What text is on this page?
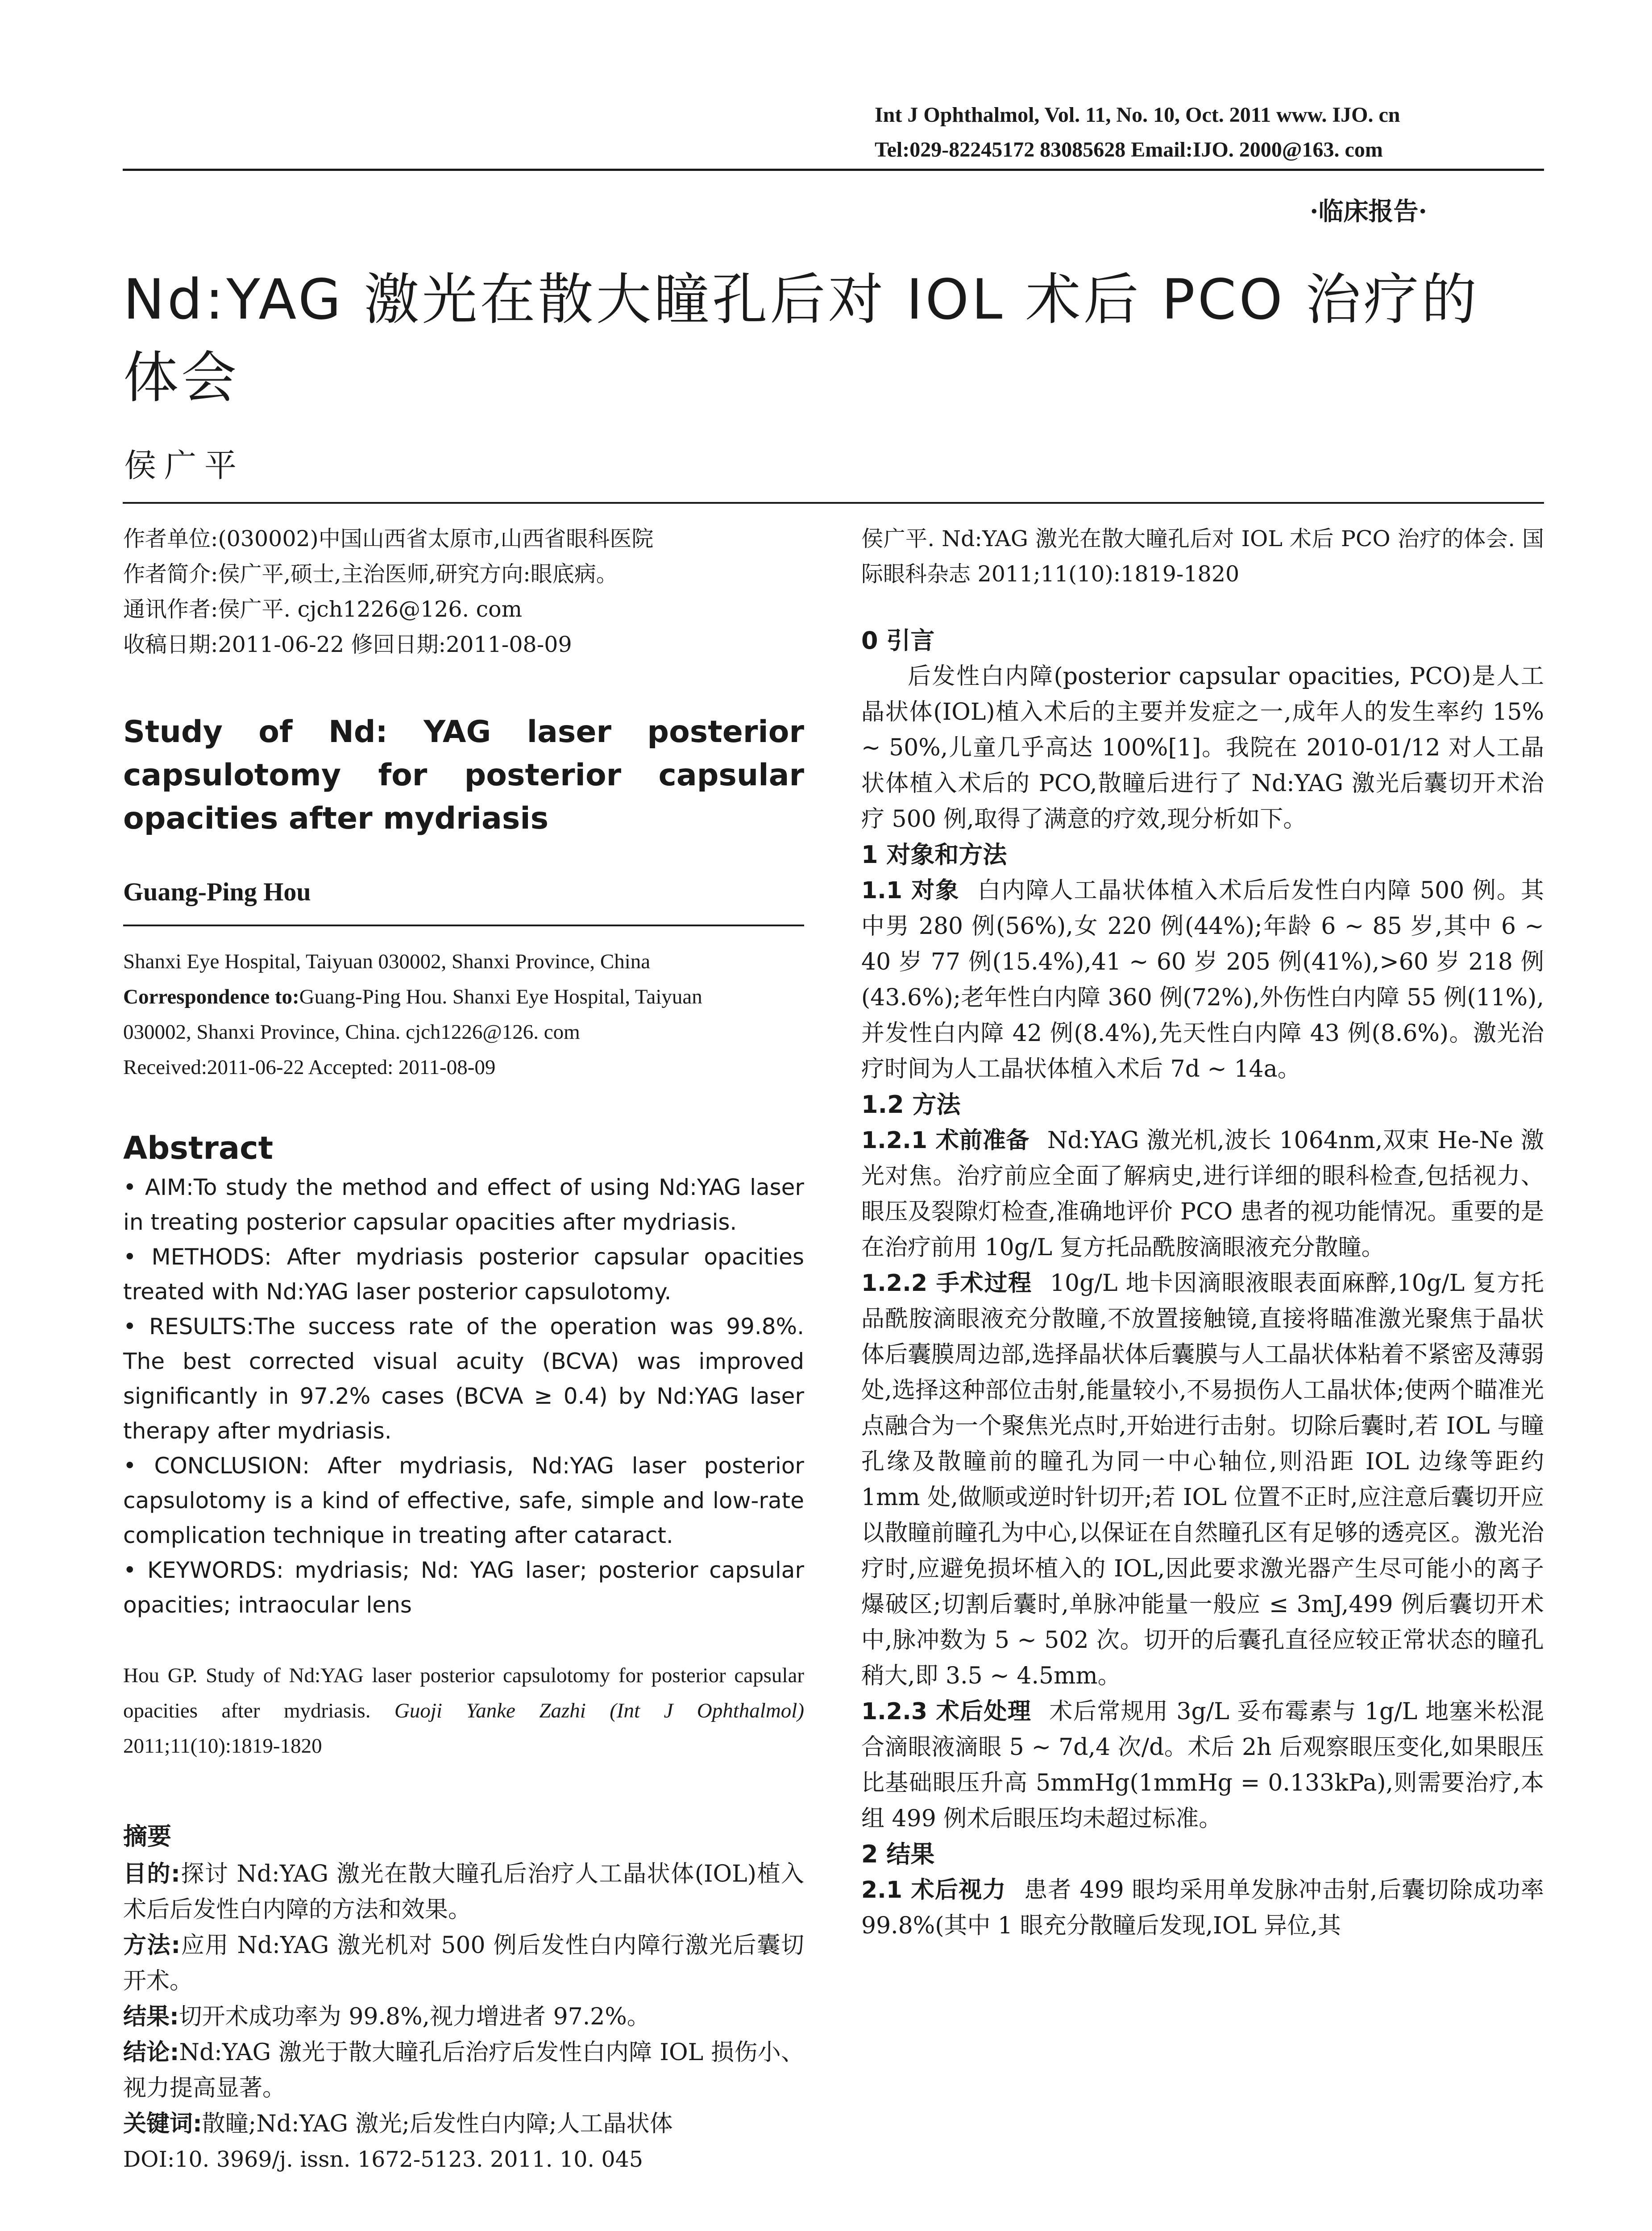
Int J Ophthalmol, Vol. 11, No. 10, Oct. 2011 www. IJO. cn
Tel:029-82245172 83085628 Email:IJO. 2000@163. com
·临床报告·
Nd:YAG 激光在散大瞳孔后对 IOL 术后 PCO 治疗的
体会
侯广平
作者单位:(030002)中国山西省太原市,山西省眼科医院
作者简介:侯广平,硕士,主治医师,研究方向:眼底病。
通讯作者:侯广平. cjch1226@126. com
收稿日期:2011-06-22 修回日期:2011-08-09
Study of Nd: YAG laser posterior
capsulotomy for posterior capsular
opacities after mydriasis
Guang-Ping Hou
Shanxi Eye Hospital, Taiyuan 030002, Shanxi Province, China
Correspondence to:Guang-Ping Hou. Shanxi Eye Hospital, Taiyuan
030002, Shanxi Province, China. cjch1226@126. com
Received:2011-06-22 Accepted: 2011-08-09
Abstract

• AIM:To study the method and effect of using Nd:YAG laser in treating posterior capsular opacities after mydriasis.

• METHODS: After mydriasis posterior capsular opacities treated with Nd:YAG laser posterior capsulotomy.

• RESULTS:The success rate of the operation was 99.8%. The best corrected visual acuity (BCVA) was improved significantly in 97.2% cases (BCVA ≥ 0.4) by Nd:YAG laser therapy after mydriasis.

• CONCLUSION: After mydriasis, Nd:YAG laser posterior capsulotomy is a kind of effective, safe, simple and low-rate complication technique in treating after cataract.

• KEYWORDS: mydriasis; Nd: YAG laser; posterior capsular opacities; intraocular lens

Hou GP. Study of Nd:YAG laser posterior capsulotomy for posterior capsular opacities after mydriasis. Guoji Yanke Zazhi (Int J Ophthalmol) 2011;11(10):1819-1820
摘要

目的:探讨 Nd:YAG 激光在散大瞳孔后治疗人工晶状体(IOL)植入术后后发性白内障的方法和效果。

方法:应用 Nd:YAG 激光机对 500 例后发性白内障行激光后囊切开术。

结果:切开术成功率为 99.8%,视力增进者 97.2%。

结论:Nd:YAG 激光于散大瞳孔后治疗后发性白内障 IOL 损伤小、视力提高显著。

关键词:散瞳;Nd:YAG 激光;后发性白内障;人工晶状体

DOI:10. 3969/j. issn. 1672-5123. 2011. 10. 045

侯广平. Nd:YAG 激光在散大瞳孔后对 IOL 术后 PCO 治疗的体会. 国际眼科杂志 2011;11(10):1819-1820
0 引言
后发性白内障(posterior capsular opacities, PCO)是人工晶状体(IOL)植入术后的主要并发症之一,成年人的发生率约 15% ~ 50%,儿童几乎高达 100%[1]。我院在 2010-01/12 对人工晶状体植入术后的 PCO,散瞳后进行了 Nd:YAG 激光后囊切开术治疗 500 例,取得了满意的疗效,现分析如下。
1 对象和方法
1.1 对象 白内障人工晶状体植入术后后发性白内障 500 例。其中男 280 例(56%),女 220 例(44%);年龄 6 ~ 85 岁,其中 6 ~ 40 岁 77 例(15.4%),41 ~ 60 岁 205 例(41%),>60 岁 218 例(43.6%);老年性白内障 360 例(72%),外伤性白内障 55 例(11%),并发性白内障 42 例(8.4%),先天性白内障 43 例(8.6%)。激光治疗时间为人工晶状体植入术后 7d ~ 14a。
1.2 方法
1.2.1 术前准备 Nd:YAG 激光机,波长 1064nm,双束 He-Ne 激光对焦。治疗前应全面了解病史,进行详细的眼科检查,包括视力、眼压及裂隙灯检查,准确地评价 PCO 患者的视功能情况。重要的是在治疗前用 10g/L 复方托品酰胺滴眼液充分散瞳。
1.2.2 手术过程 10g/L 地卡因滴眼液眼表面麻醉,10g/L 复方托品酰胺滴眼液充分散瞳,不放置接触镜,直接将瞄准激光聚焦于晶状体后囊膜周边部,选择晶状体后囊膜与人工晶状体粘着不紧密及薄弱处,选择这种部位击射,能量较小,不易损伤人工晶状体;使两个瞄准光点融合为一个聚焦光点时,开始进行击射。切除后囊时,若 IOL 与瞳孔缘及散瞳前的瞳孔为同一中心轴位,则沿距 IOL 边缘等距约 1mm 处,做顺或逆时针切开;若 IOL 位置不正时,应注意后囊切开应以散瞳前瞳孔为中心,以保证在自然瞳孔区有足够的透亮区。激光治疗时,应避免损坏植入的 IOL,因此要求激光器产生尽可能小的离子爆破区;切割后囊时,单脉冲能量一般应 ≤ 3mJ,499 例后囊切开术中,脉冲数为 5 ~ 502 次。切开的后囊孔直径应较正常状态的瞳孔稍大,即 3.5 ~ 4.5mm。
1.2.3 术后处理 术后常规用 3g/L 妥布霉素与 1g/L 地塞米松混合滴眼液滴眼 5 ~ 7d,4 次/d。术后 2h 后观察眼压变化,如果眼压比基础眼压升高 5mmHg(1mmHg = 0.133kPa),则需要治疗,本组 499 例术后眼压均未超过标准。
2 结果
2.1 术后视力 患者 499 眼均采用单发脉冲击射,后囊切除成功率 99.8%(其中 1 眼充分散瞳后发现,IOL 异位,其
